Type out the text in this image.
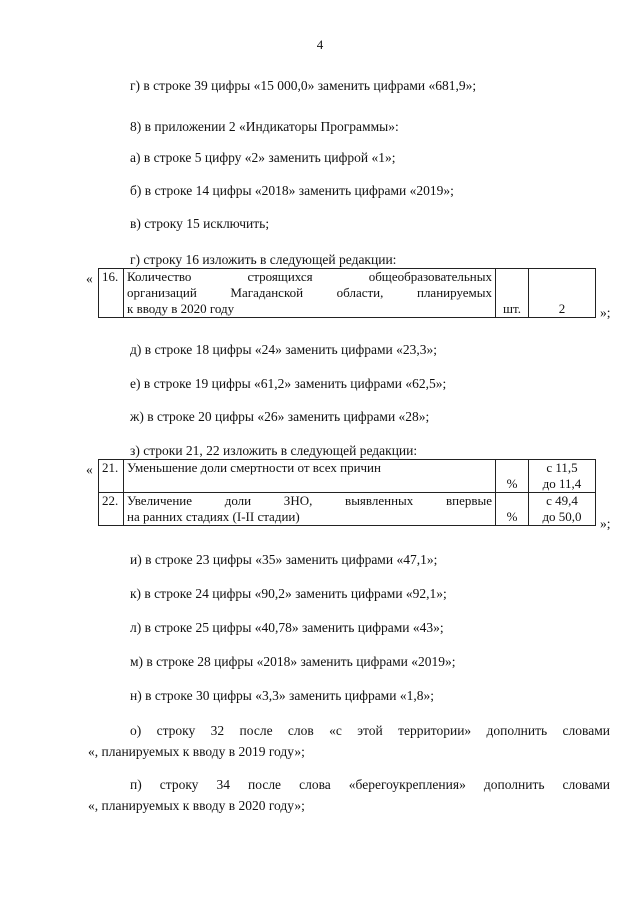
4
г) в строке 39 цифры «15 000,0» заменить цифрами «681,9»;
8) в приложении 2 «Индикаторы Программы»:
а) в строке 5 цифру «2» заменить цифрой «1»;
б) в строке 14 цифры «2018» заменить цифрами «2019»;
в) строку 15 исключить;
г) строку 16 изложить в следующей редакции:
« 16.	Количество строящихся общеобразовательных
организаций Магаданской области, планируемых
к вводу в 2020 году	шт.	2	»;
д) в строке 18 цифры «24» заменить цифрами «23,3»;
е) в строке 19 цифры «61,2» заменить цифрами «62,5»;
ж) в строке 20 цифры «26» заменить цифрами «28»;
з) строки 21, 22 изложить в следующей редакции:
« 21.	Уменьшение доли смертности от всех причин	%	с 11,5
до 11,4

22.	Увеличение доли ЗНО, выявленных впервые
на ранних стадиях (I-II стадии)	%	с 49,4
до 50,0	»;
и) в строке 23 цифры «35» заменить цифрами «47,1»;
к) в строке 24 цифры «90,2» заменить цифрами «92,1»;
л) в строке 25 цифры «40,78» заменить цифрами «43»;
м) в строке 28 цифры «2018» заменить цифрами «2019»;
н) в строке 30 цифры «3,3» заменить цифрами «1,8»;
о) строку 32 после слов «с этой территории» дополнить словами
«, планируемых к вводу в 2019 году»;
п) строку 34 после слова «берегоукрепления» дополнить словами
«, планируемых к вводу в 2020 году»;
